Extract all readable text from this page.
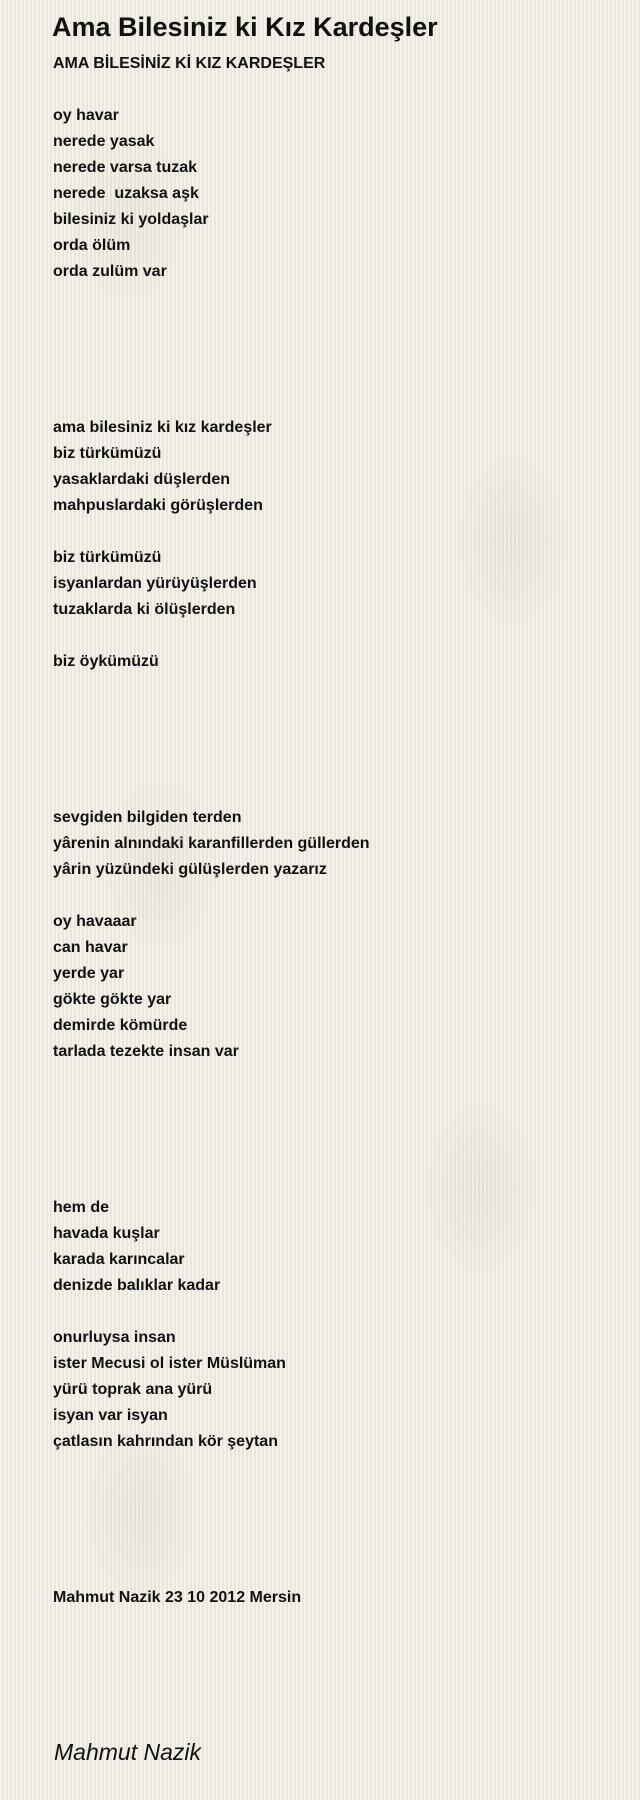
Ama Bilesiniz ki Kız Kardeşler
AMA BİLESİNİZ Kİ KIZ KARDEŞLER
oy havar
nerede yasak
nerede varsa tuzak
nerede  uzaksa aşk
bilesiniz ki yoldaşlar
orda ölüm
orda zulüm var
ama bilesiniz ki kız kardeşler
biz türkümüzü
yasaklardaki düşlerden
mahpuslardaki görüşlerden
biz türkümüzü
isyanlardan yürüyüşlerden
tuzaklarda ki ölüşlerden
biz öykümüzü
sevgiden bilgiden terden
yârenin alnındaki karanfillerden güllerden
yârin yüzündeki gülüşlerden yazarız
oy havaaar
can havar
yerde yar
gökte gökte yar
demirde kömürde
tarlada tezekte insan var
hem de
havada kuşlar
karada karıncalar
denizde balıklar kadar
onurluysa insan
ister Mecusi ol ister Müslüman
yürü toprak ana yürü
isyan var isyan
çatlasın kahrından kör şeytan
Mahmut Nazik 23 10 2012 Mersin
Mahmut Nazik
